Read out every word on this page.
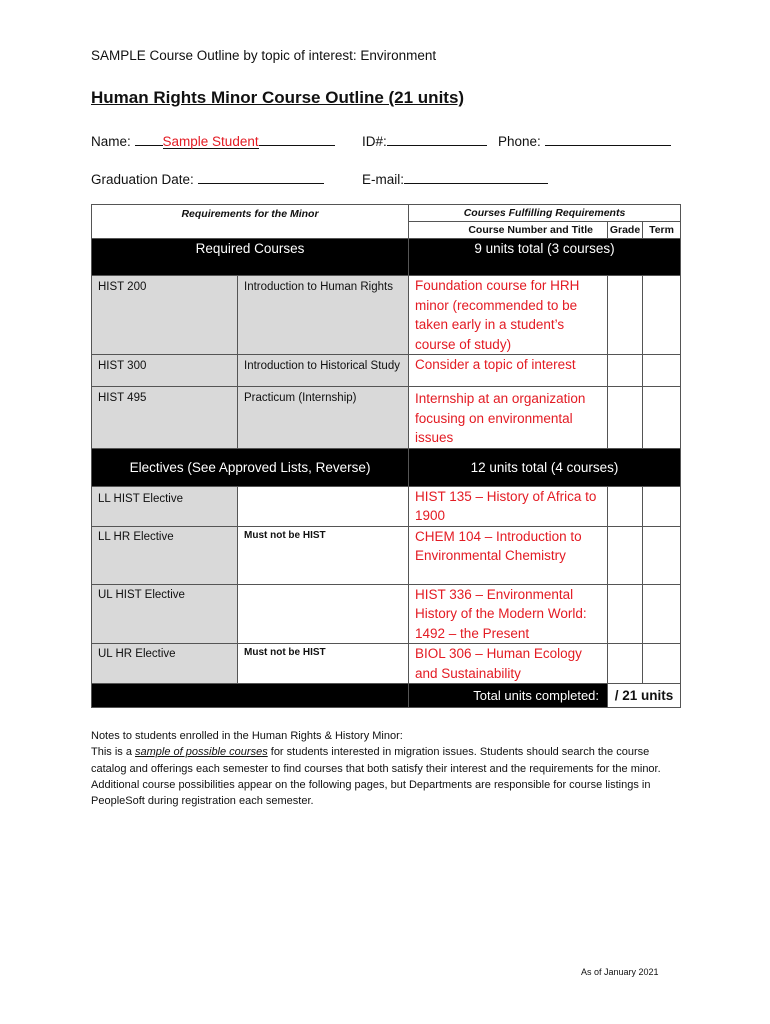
SAMPLE Course Outline by topic of interest: Environment
Human Rights Minor Course Outline (21 units)
Name: Sample Student	ID#:	Phone:
Graduation Date:	E-mail:
Requirements for the Minor		Courses Fulfilling Requirements		
		Course Number and Title	Grade	Term
Required Courses		9 units total (3 courses)		
HIST 200	Introduction to Human Rights	Foundation course for HRH minor (recommended to be taken early in a student’s course of study)		
HIST 300	Introduction to Historical Study	Consider a topic of interest		
HIST 495	Practicum (Internship)	Internship at an organization focusing on environmental issues		
Electives (See Approved Lists, Reverse)		12 units total (4 courses)		
LL HIST Elective		HIST 135 – History of Africa to 1900		
LL HR Elective	Must not be HIST	CHEM 104 – Introduction to Environmental Chemistry		
UL HIST Elective		HIST 336 – Environmental History of the Modern World: 1492 – the Present		
UL HR Elective	Must not be HIST	BIOL 306 – Human Ecology and Sustainability		
		Total units completed:	/ 21 units	
Notes to students enrolled in the Human Rights & History Minor:
This is a sample of possible courses for students interested in migration issues. Students should search the course catalog and offerings each semester to find courses that both satisfy their interest and the requirements for the minor. Additional course possibilities appear on the following pages, but Departments are responsible for course listings in PeopleSoft during registration each semester.
As of January 2021
